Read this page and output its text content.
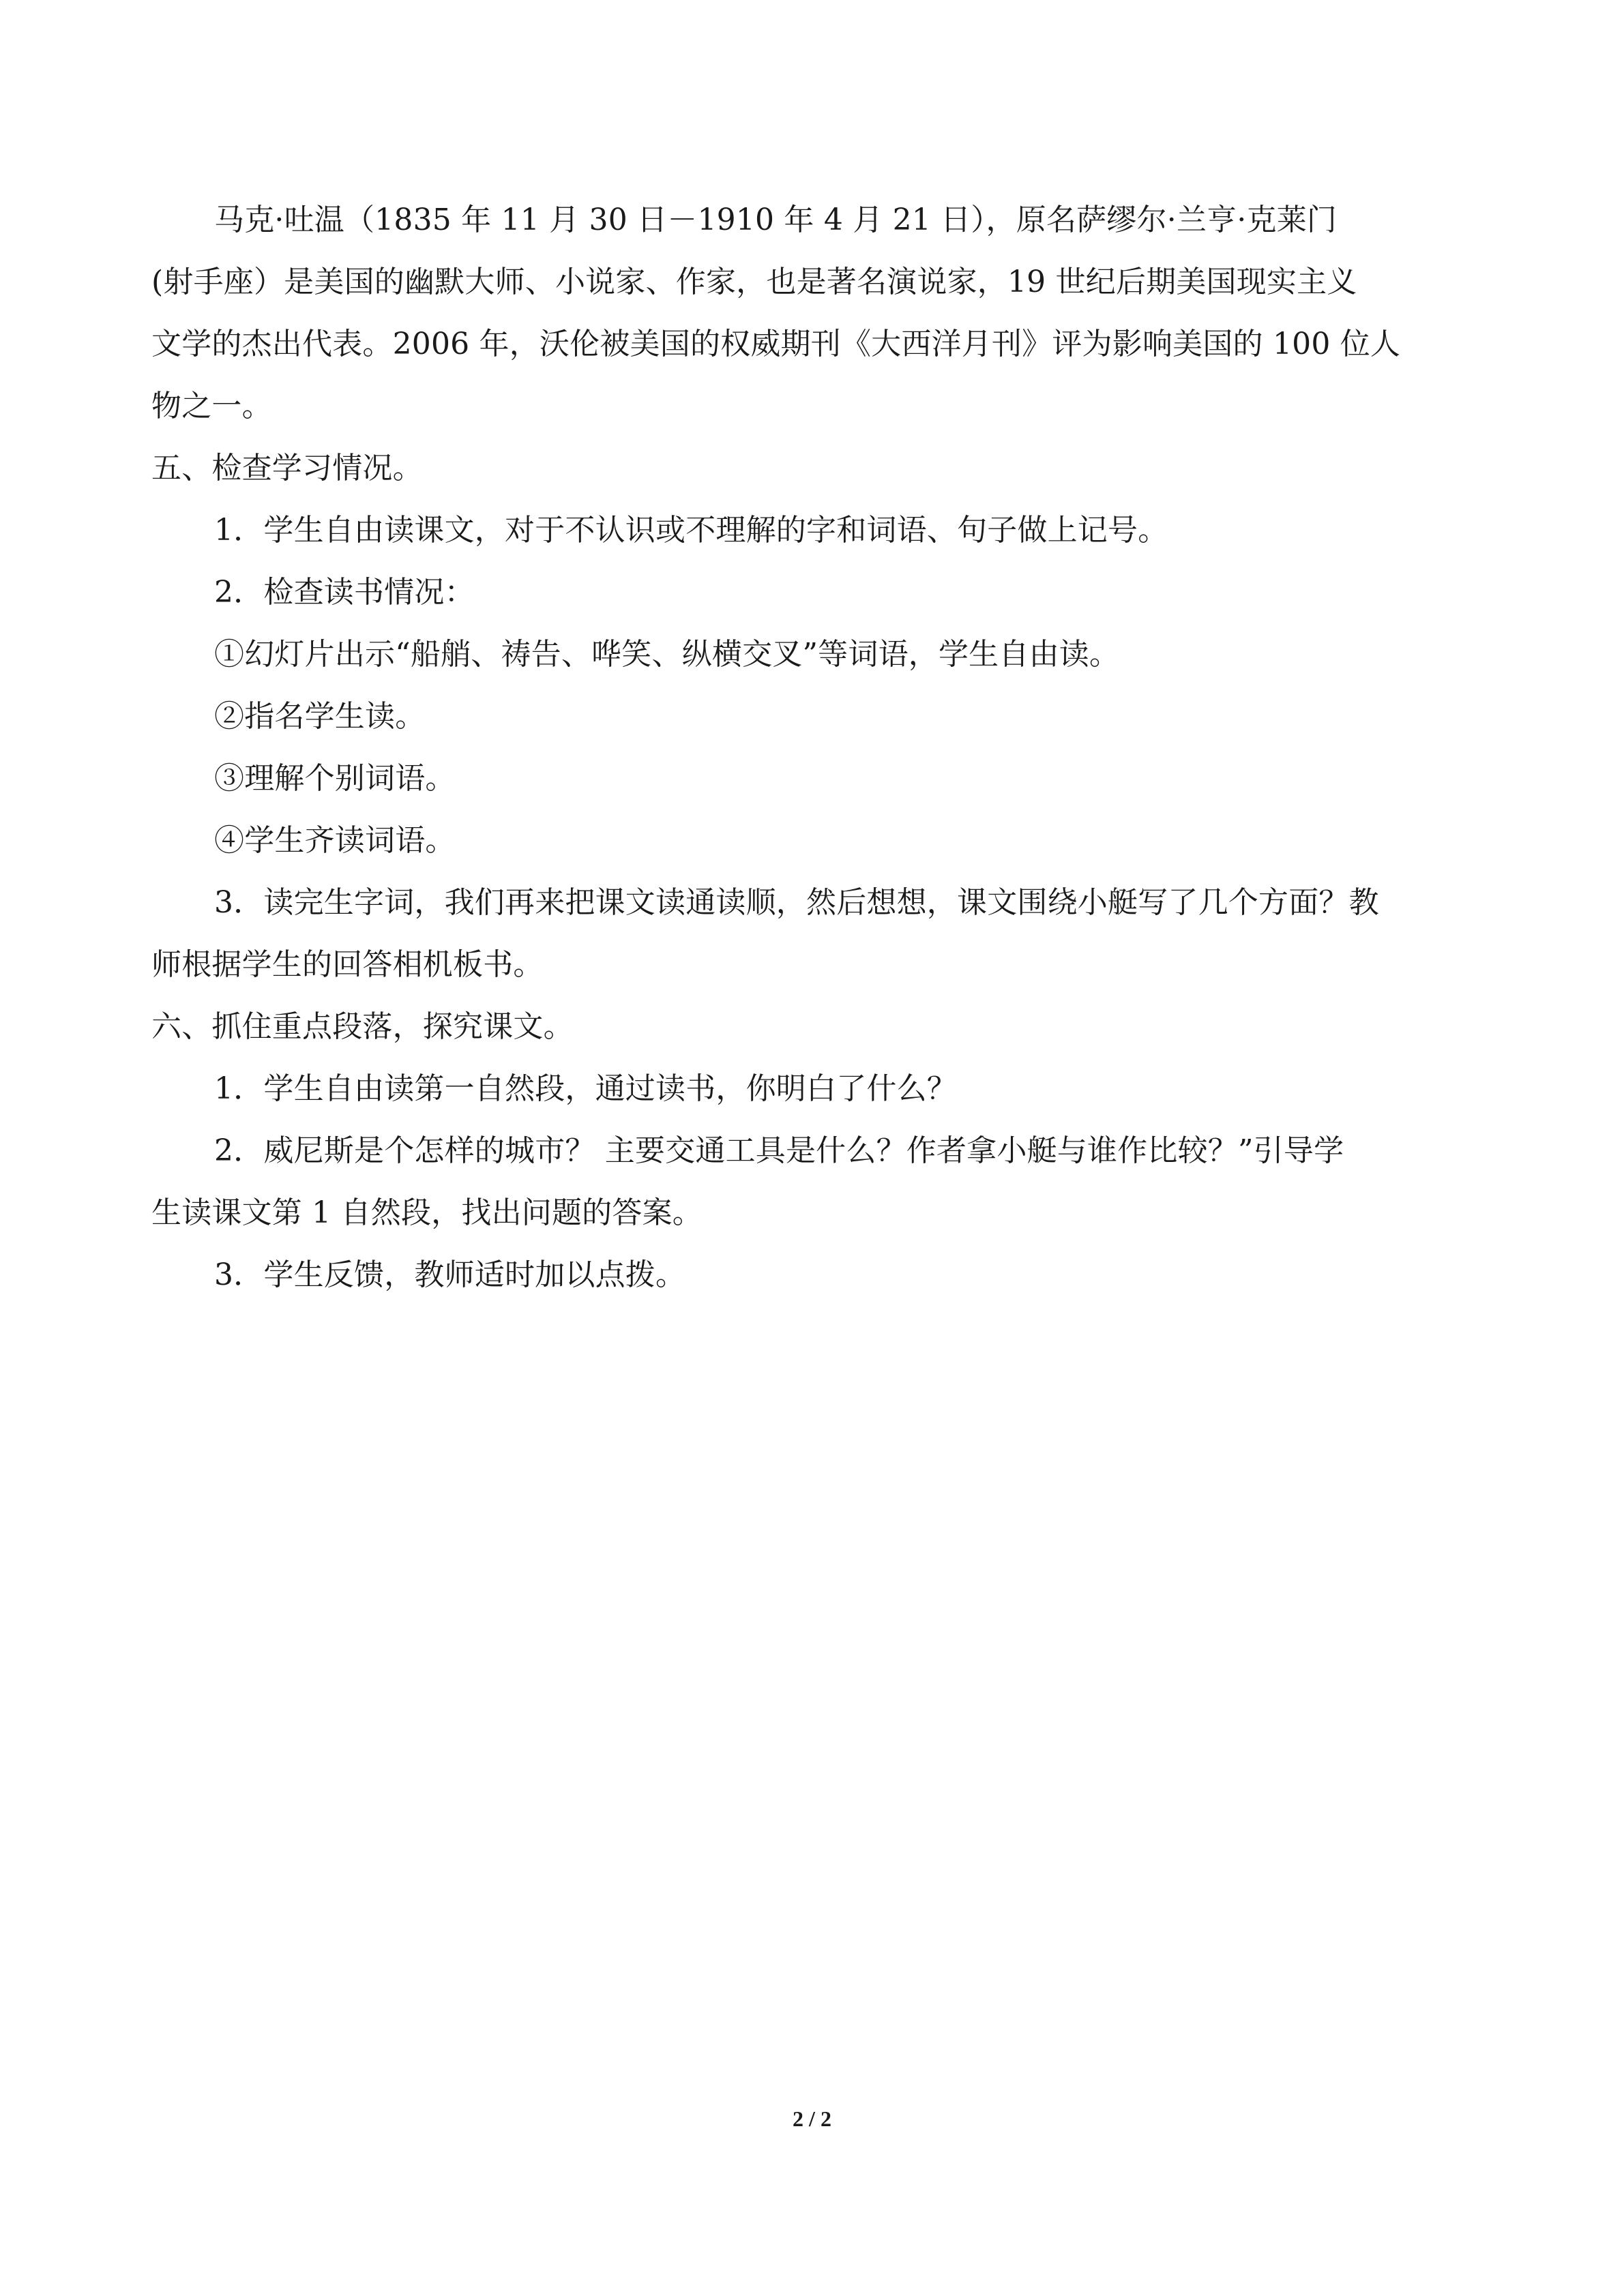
马克·吐温（1835 年 11 月 30 日－1910 年 4 月 21 日），原名萨缪尔·兰亨·克莱门
(射手座）是美国的幽默大师、小说家、作家，也是著名演说家，19 世纪后期美国现实主义
文学的杰出代表。2006 年，沃伦被美国的权威期刊《大西洋月刊》评为影响美国的 100 位人
物之一。
五、检查学习情况。
1．学生自由读课文，对于不认识或不理解的字和词语、句子做上记号。
2．检查读书情况：
①幻灯片出示“船艄、祷告、哗笑、纵横交叉”等词语，学生自由读。
②指名学生读。
③理解个别词语。
④学生齐读词语。
3．读完生字词，我们再来把课文读通读顺，然后想想，课文围绕小艇写了几个方面？教
师根据学生的回答相机板书。
六、抓住重点段落，探究课文。
1．学生自由读第一自然段，通过读书，你明白了什么？
2．威尼斯是个怎样的城市？ 主要交通工具是什么？作者拿小艇与谁作比较？”引导学
生读课文第 1 自然段，找出问题的答案。
3．学生反馈，教师适时加以点拨。
2 / 2
